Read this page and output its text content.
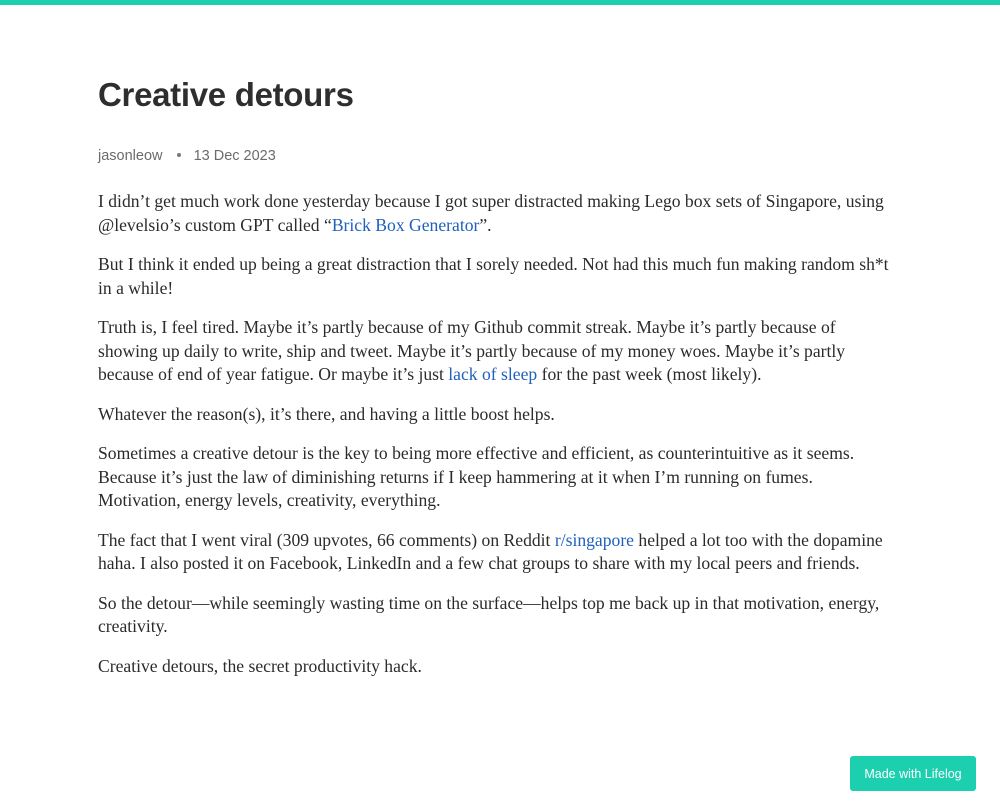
Creative detours
jasonleow 13 Dec 2023

I didn’t get much work done yesterday because I got super distracted making Lego box sets of Singapore, using @levelsio’s custom GPT called “Brick Box Generator”.

But I think it ended up being a great distraction that I sorely needed. Not had this much fun making random sh*t in a while!

Truth is, I feel tired. Maybe it’s partly because of my Github commit streak. Maybe it’s partly because of showing up daily to write, ship and tweet. Maybe it’s partly because of my money woes. Maybe it’s partly because of end of year fatigue. Or maybe it’s just lack of sleep for the past week (most likely).

Whatever the reason(s), it’s there, and having a little boost helps.

Sometimes a creative detour is the key to being more effective and efficient, as counterintuitive as it seems. Because it’s just the law of diminishing returns if I keep hammering at it when I’m running on fumes. Motivation, energy levels, creativity, everything.

The fact that I went viral (309 upvotes, 66 comments) on Reddit r/singapore helped a lot too with the dopamine haha. I also posted it on Facebook, LinkedIn and a few chat groups to share with my local peers and friends.

So the detour—while seemingly wasting time on the surface—helps top me back up in that motivation, energy, creativity.

Creative detours, the secret productivity hack.

Made with Lifelog
